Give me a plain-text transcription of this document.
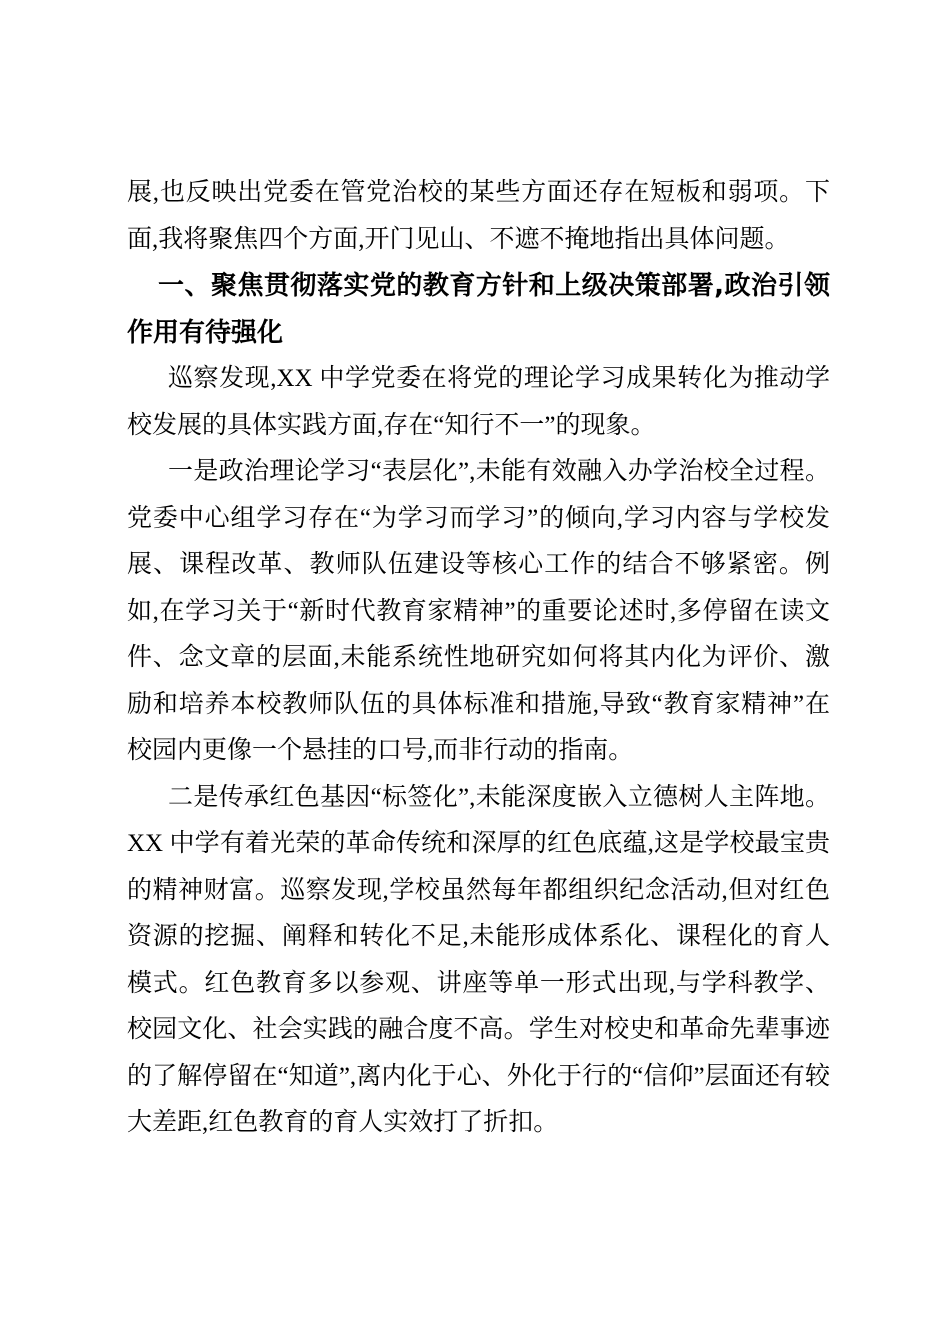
展,也反映出党委在管党治校的某些方面还存在短板和弱项。下面,我将聚焦四个方面,开门见山、不遮不掩地指出具体问题。

一、聚焦贯彻落实党的教育方针和上级决策部署,政治引领作用有待强化

巡察发现,XX 中学党委在将党的理论学习成果转化为推动学校发展的具体实践方面,存在“知行不一”的现象。

一是政治理论学习“表层化”,未能有效融入办学治校全过程。党委中心组学习存在“为学习而学习”的倾向,学习内容与学校发展、课程改革、教师队伍建设等核心工作的结合不够紧密。例如,在学习关于“新时代教育家精神”的重要论述时,多停留在读文件、念文章的层面,未能系统性地研究如何将其内化为评价、激励和培养本校教师队伍的具体标准和措施,导致“教育家精神”在校园内更像一个悬挂的口号,而非行动的指南。

二是传承红色基因“标签化”,未能深度嵌入立德树人主阵地。XX 中学有着光荣的革命传统和深厚的红色底蕴,这是学校最宝贵的精神财富。巡察发现,学校虽然每年都组织纪念活动,但对红色资源的挖掘、阐释和转化不足,未能形成体系化、课程化的育人模式。红色教育多以参观、讲座等单一形式出现,与学科教学、校园文化、社会实践的融合度不高。学生对校史和革命先辈事迹的了解停留在“知道”,离内化于心、外化于行的“信仰”层面还有较大差距,红色教育的育人实效打了折扣。
